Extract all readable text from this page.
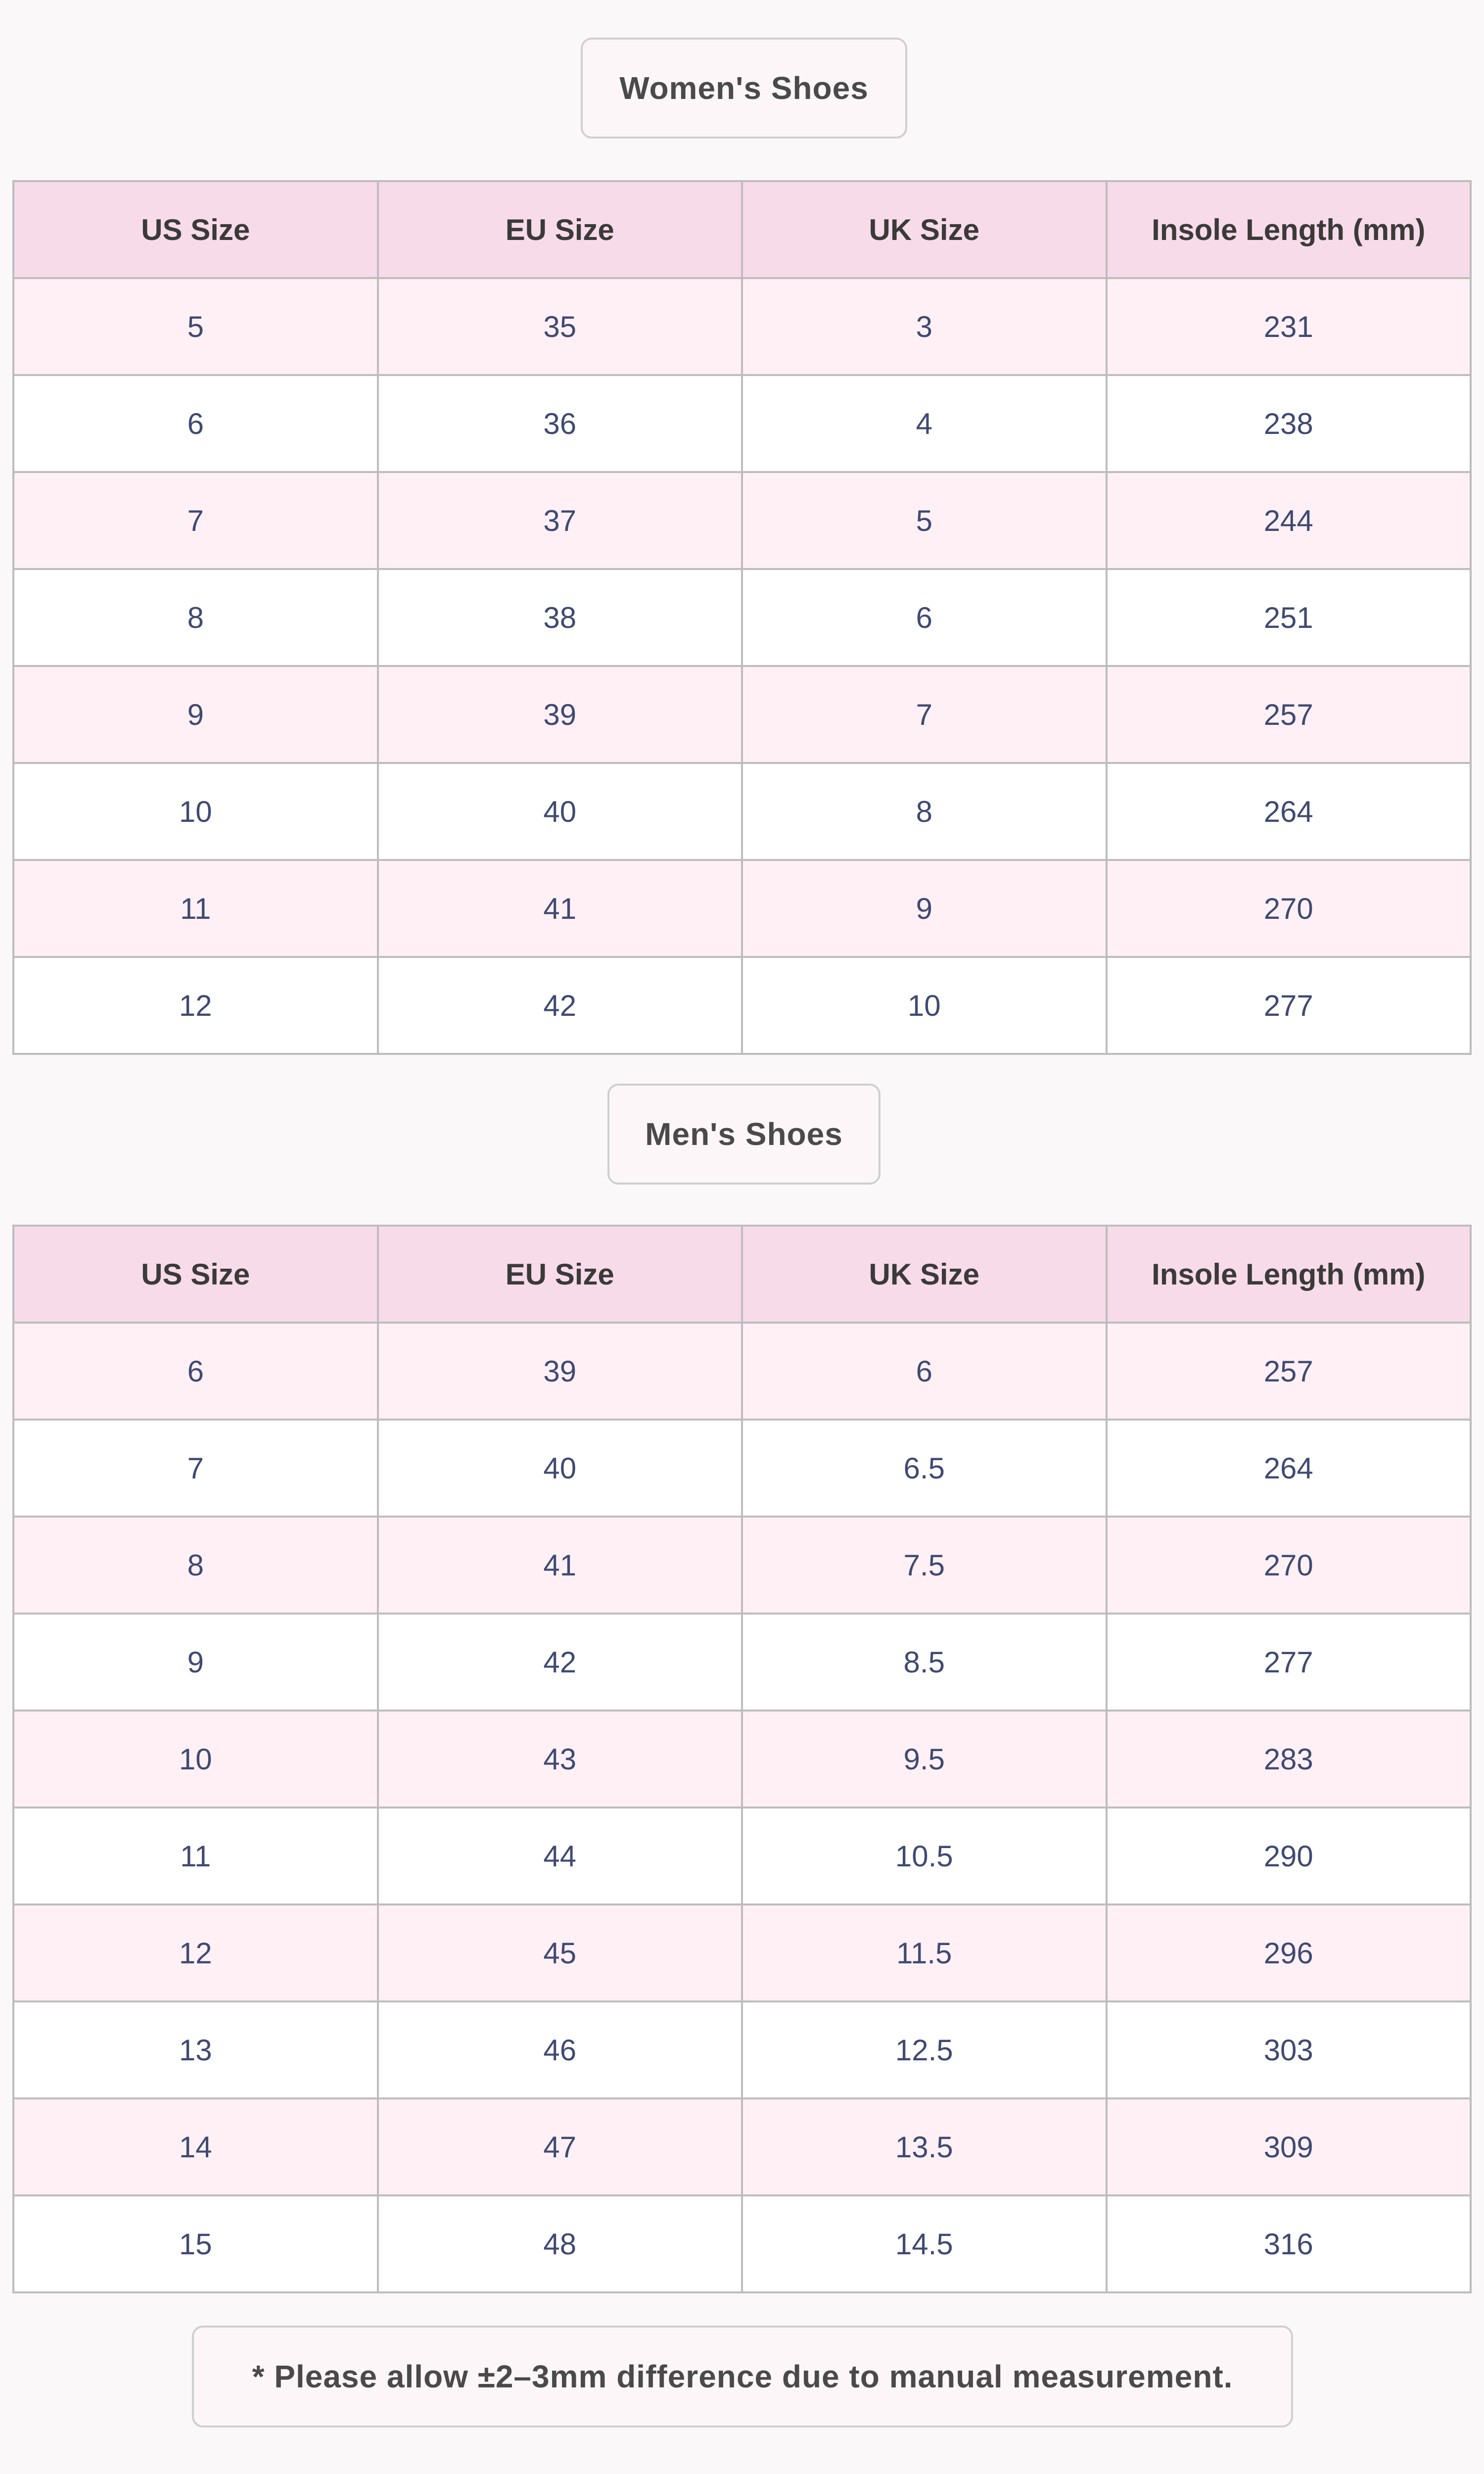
Women's Shoes
US Size	EU Size	UK Size	Insole Length (mm)
5	35	3	231
6	36	4	238
7	37	5	244
8	38	6	251
9	39	7	257
10	40	8	264
11	41	9	270
12	42	10	277
Men's Shoes
US Size	EU Size	UK Size	Insole Length (mm)
6	39	6	257
7	40	6.5	264
8	41	7.5	270
9	42	8.5	277
10	43	9.5	283
11	44	10.5	290
12	45	11.5	296
13	46	12.5	303
14	47	13.5	309
15	48	14.5	316
* Please allow ±2–3mm difference due to manual measurement.
